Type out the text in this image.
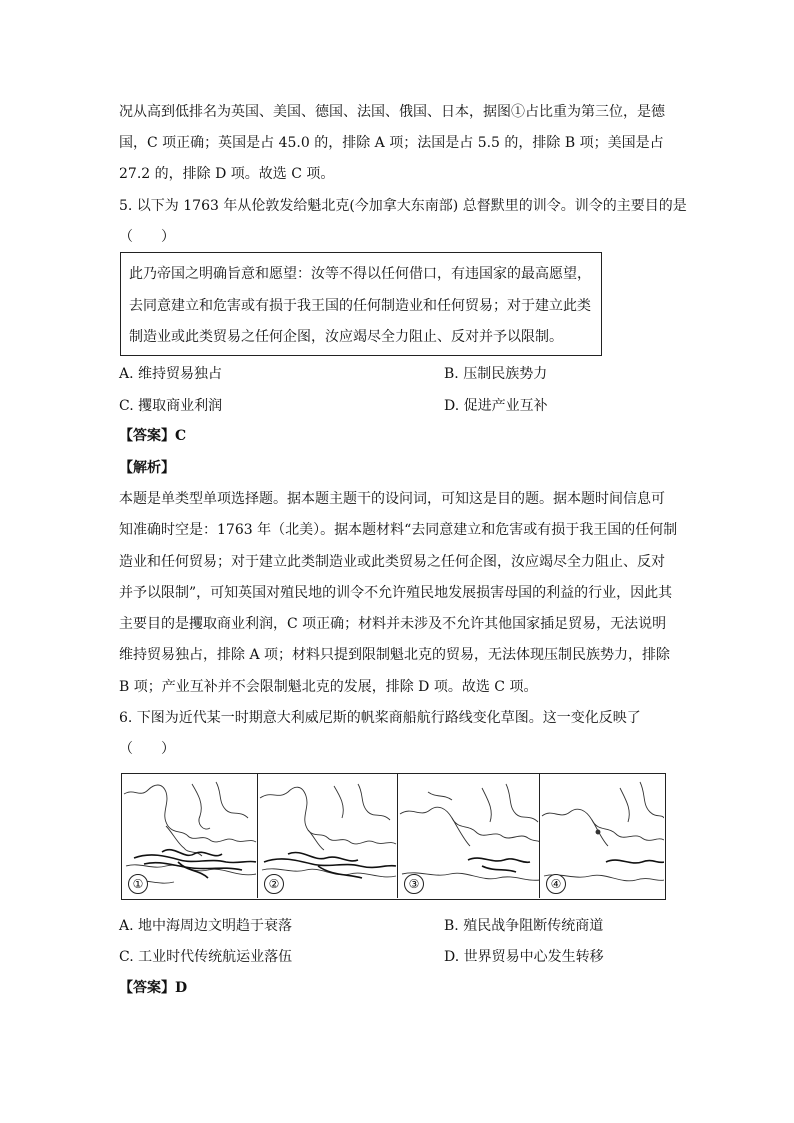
况从高到低排名为英国、美国、德国、法国、俄国、日本，据图①占比重为第三位，是德
国，C 项正确；英国是占 45.0 的，排除 A 项；法国是占 5.5 的，排除 B 项；美国是占
27.2 的，排除 D 项。故选 C 项。
5. 以下为 1763 年从伦敦发给魁北克(今加拿大东南部) 总督默里的训令。训令的主要目的是
（　　）
此乃帝国之明确旨意和愿望：汝等不得以任何借口，有违国家的最高愿望，
去同意建立和危害或有损于我王国的任何制造业和任何贸易；对于建立此类
制造业或此类贸易之任何企图，汝应竭尽全力阻止、反对并予以限制。
A. 维持贸易独占	B. 压制民族势力
C. 攫取商业利润	D. 促进产业互补
【答案】C
【解析】
本题是单类型单项选择题。据本题主题干的设问词，可知这是目的题。据本题时间信息可
知准确时空是：1763 年（北美）。据本题材料“去同意建立和危害或有损于我王国的任何制
造业和任何贸易；对于建立此类制造业或此类贸易之任何企图，汝应竭尽全力阻止、反对
并予以限制”，可知英国对殖民地的训令不允许殖民地发展损害母国的利益的行业，因此其
主要目的是攫取商业利润，C 项正确；材料并未涉及不允许其他国家插足贸易，无法说明
维持贸易独占，排除 A 项；材料只提到限制魁北克的贸易，无法体现压制民族势力，排除
B 项；产业互补并不会限制魁北克的发展，排除 D 项。故选 C 项。
6. 下图为近代某一时期意大利威尼斯的帆桨商船航行路线变化草图。这一变化反映了
（　　）
①	②	③	④
A. 地中海周边文明趋于衰落	B. 殖民战争阻断传统商道
C. 工业时代传统航运业落伍	D. 世界贸易中心发生转移
【答案】D
